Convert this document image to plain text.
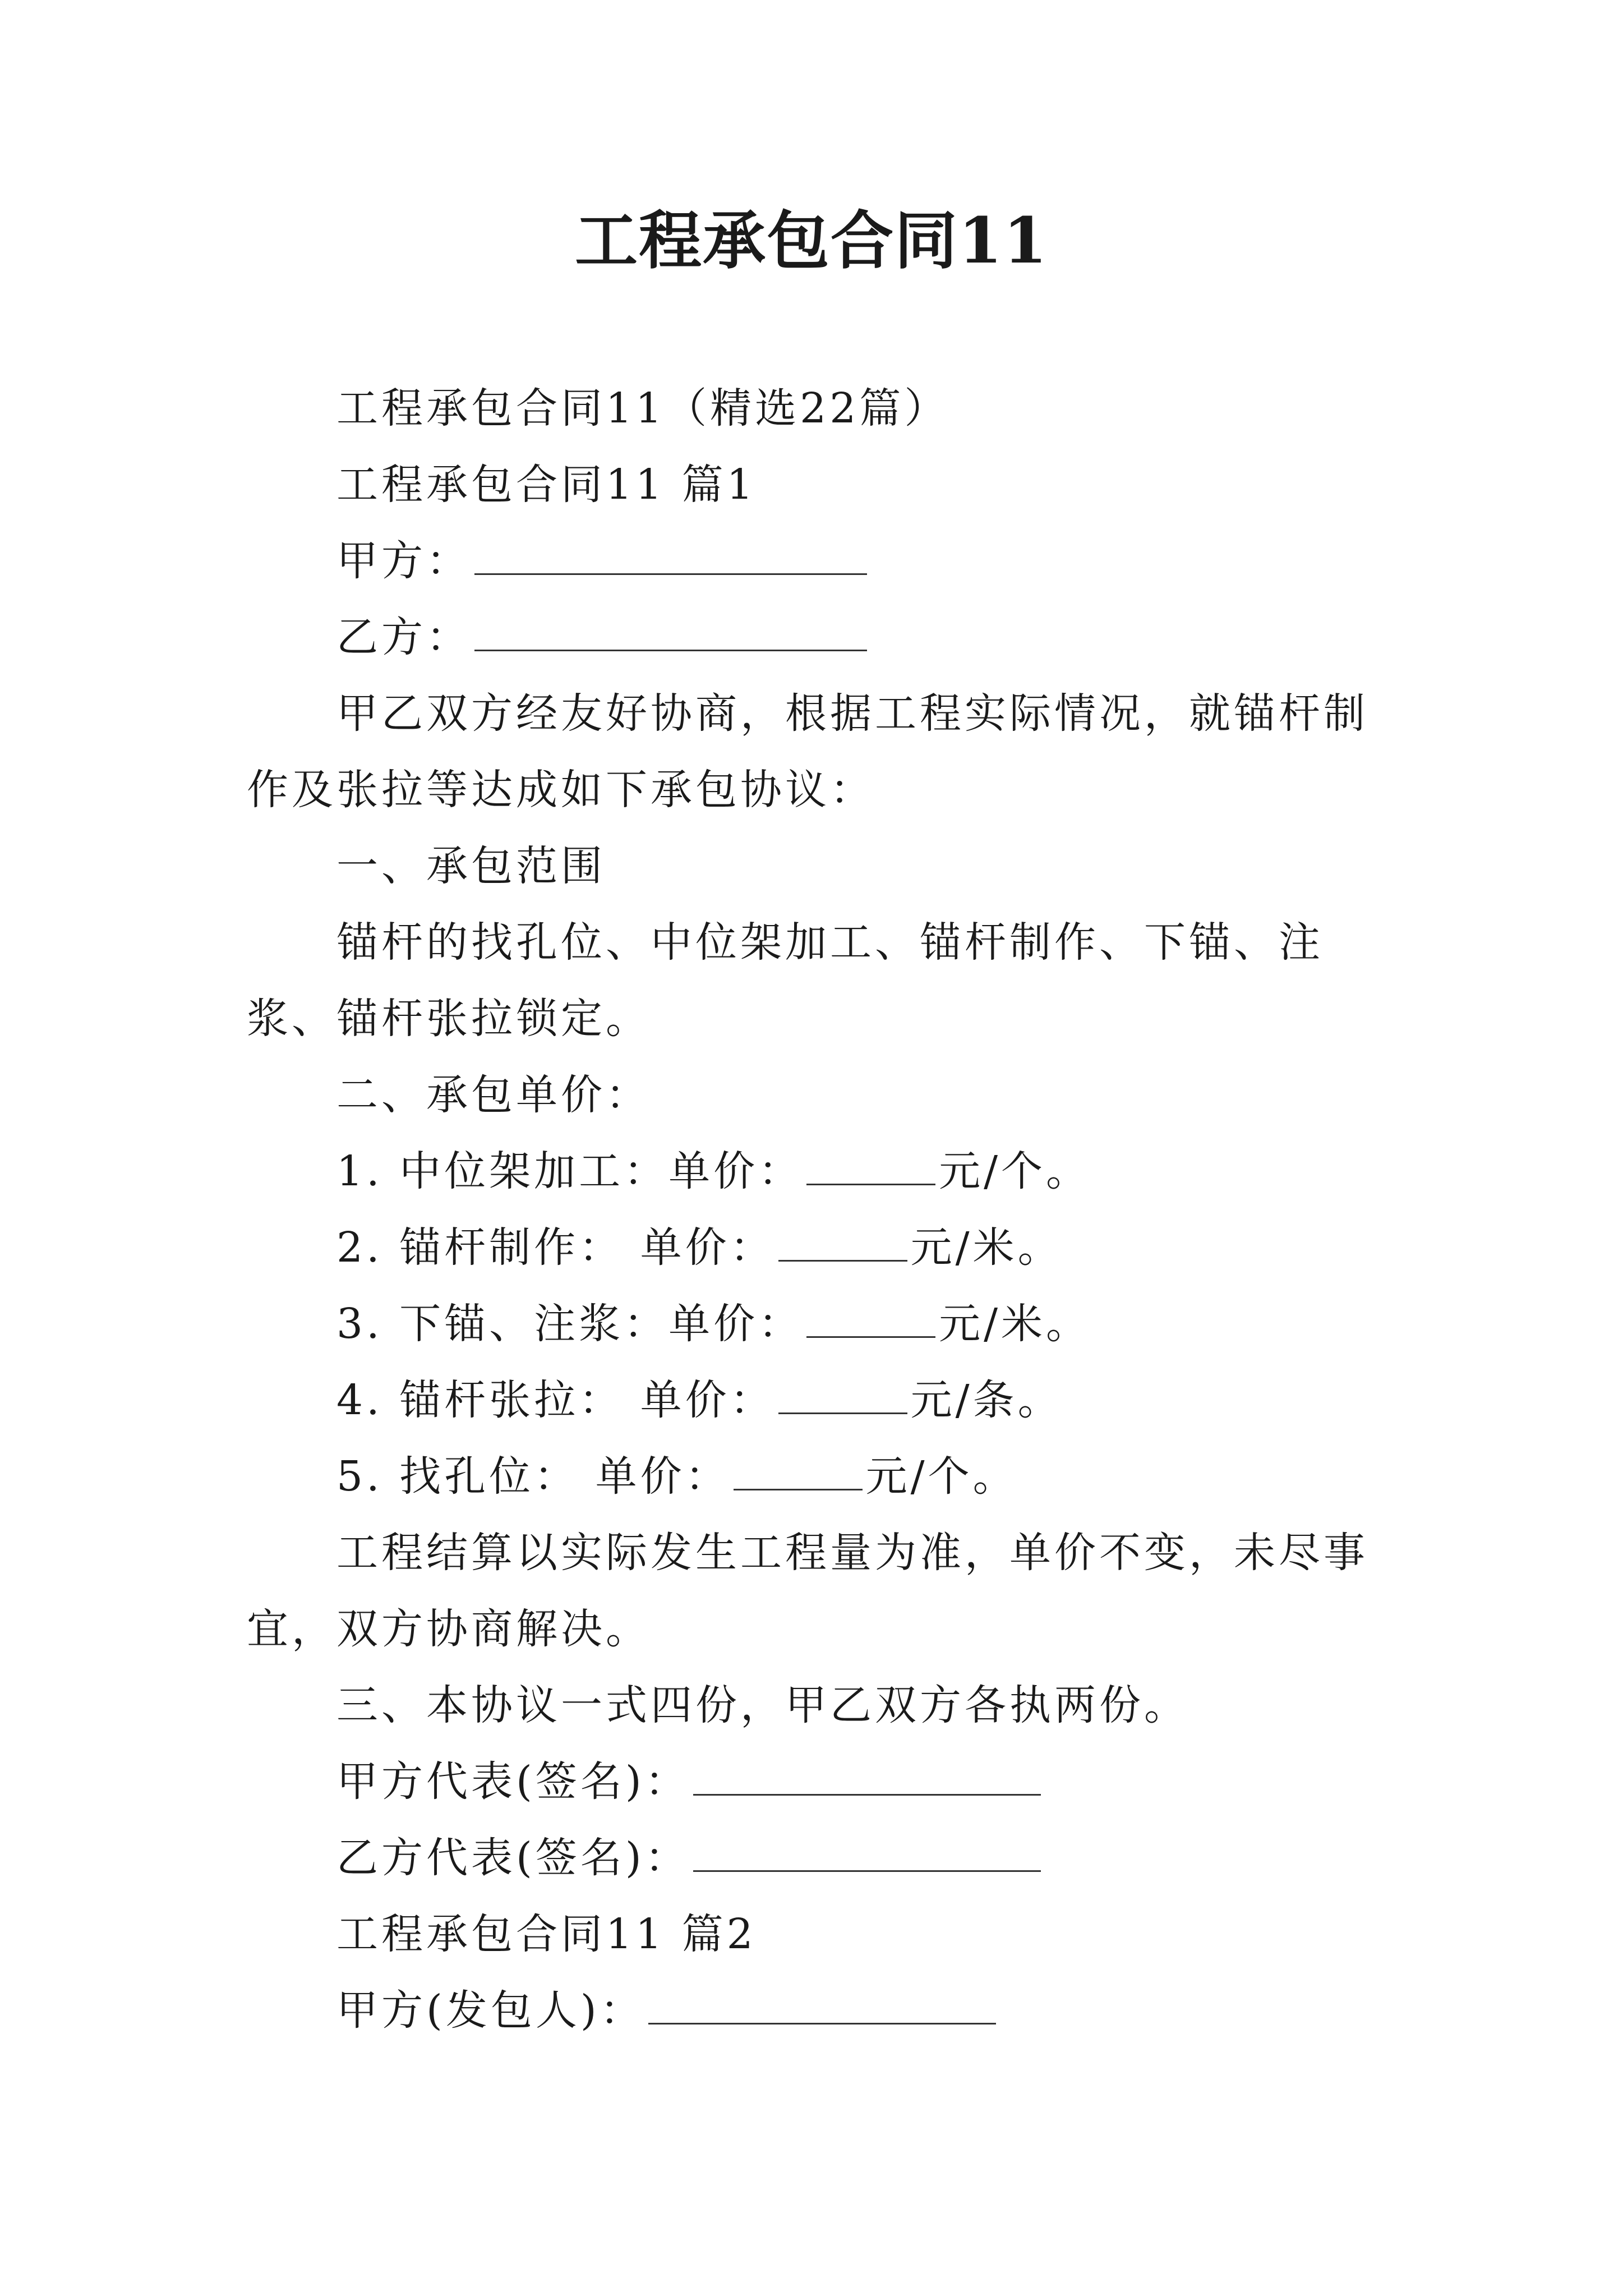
工程承包合同11

工程承包合同11（精选22篇）

工程承包合同11 篇1

甲方：

乙方：

甲乙双方经友好协商，根据工程实际情况，就锚杆制作及张拉等达成如下承包协议：

一、承包范围

锚杆的找孔位、中位架加工、锚杆制作、下锚、注浆、锚杆张拉锁定。

二、承包单价：

1. 中位架加工：单价：	元/个。

2. 锚杆制作： 单价：	元/米。

3. 下锚、注浆：单价：	元/米。

4. 锚杆张拉： 单价：	元/条。

5. 找孔位： 单价：	元/个。

工程结算以实际发生工程量为准，单价不变，未尽事宜，双方协商解决。

三、本协议一式四份，甲乙双方各执两份。

甲方代表(签名)：

乙方代表(签名)：

工程承包合同11 篇2

甲方(发包人)：
